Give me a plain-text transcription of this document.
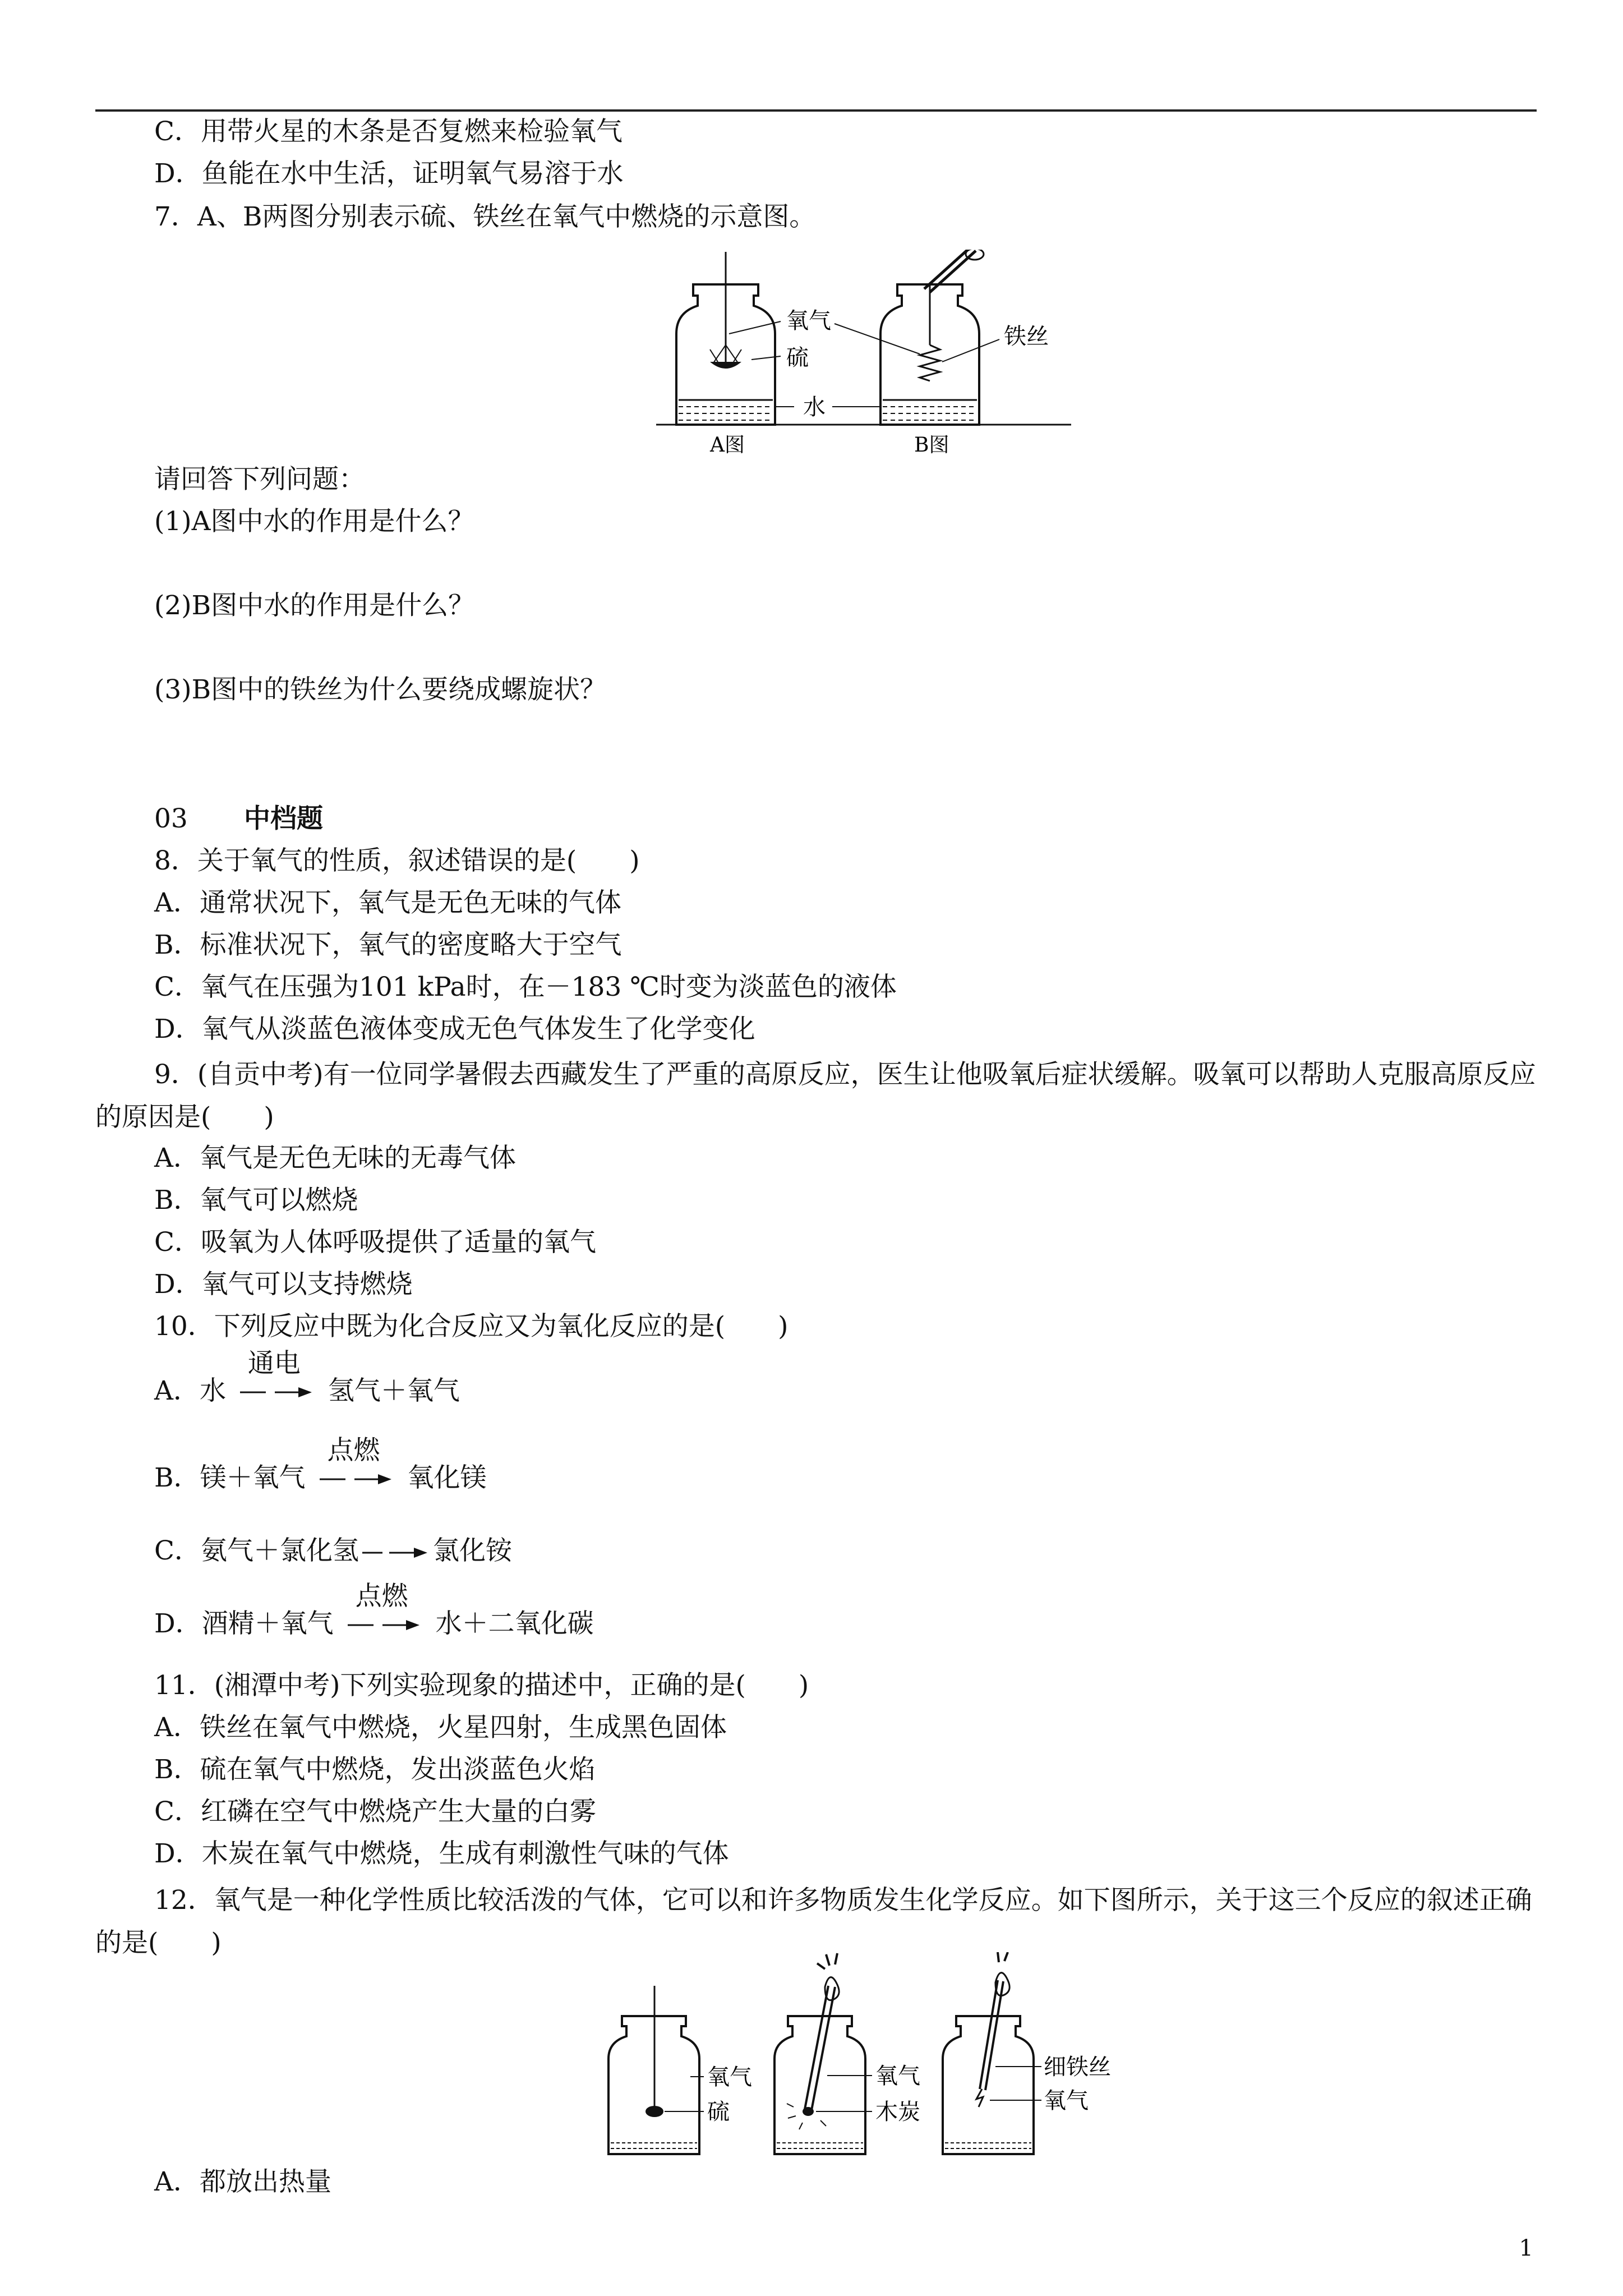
C．用带火星的木条是否复燃来检验氧气
D．鱼能在水中生活，证明氧气易溶于水
7．A、B两图分别表示硫、铁丝在氧气中燃烧的示意图。
氧气
硫
水
铁丝
A图	B图
请回答下列问题：
(1)A图中水的作用是什么？
(2)B图中水的作用是什么？
(3)B图中的铁丝为什么要绕成螺旋状？
03 中档题
8．关于氧气的性质，叙述错误的是(　　)
A．通常状况下，氧气是无色无味的气体
B．标准状况下，氧气的密度略大于空气
C．氧气在压强为101 kPa时，在－183 ℃时变为淡蓝色的液体
D．氧气从淡蓝色液体变成无色气体发生了化学变化
9．(自贡中考)有一位同学暑假去西藏发生了严重的高原反应，医生让他吸氧后症状缓解。吸氧可以帮助人克服高原反应的原因是(　　)
A．氧气是无色无味的无毒气体
B．氧气可以燃烧
C．吸氧为人体呼吸提供了适量的氧气
D．氧气可以支持燃烧
10．下列反应中既为化合反应又为氧化反应的是(　　)
A．水
通电
氢气＋氧气
B．镁＋氧气
点燃
氧化镁
C．氨气＋氯化氢	氯化铵
D．酒精＋氧气
点燃
水＋二氧化碳
11．(湘潭中考)下列实验现象的描述中，正确的是(　　)
A．铁丝在氧气中燃烧，火星四射，生成黑色固体
B．硫在氧气中燃烧，发出淡蓝色火焰
C．红磷在空气中燃烧产生大量的白雾
D．木炭在氧气中燃烧，生成有刺激性气味的气体
12．氧气是一种化学性质比较活泼的气体，它可以和许多物质发生化学反应。如下图所示，关于这三个反应的叙述正确的是(　　)
氧气
硫
氧气
木炭
细铁丝
氧气
A．都放出热量
1
